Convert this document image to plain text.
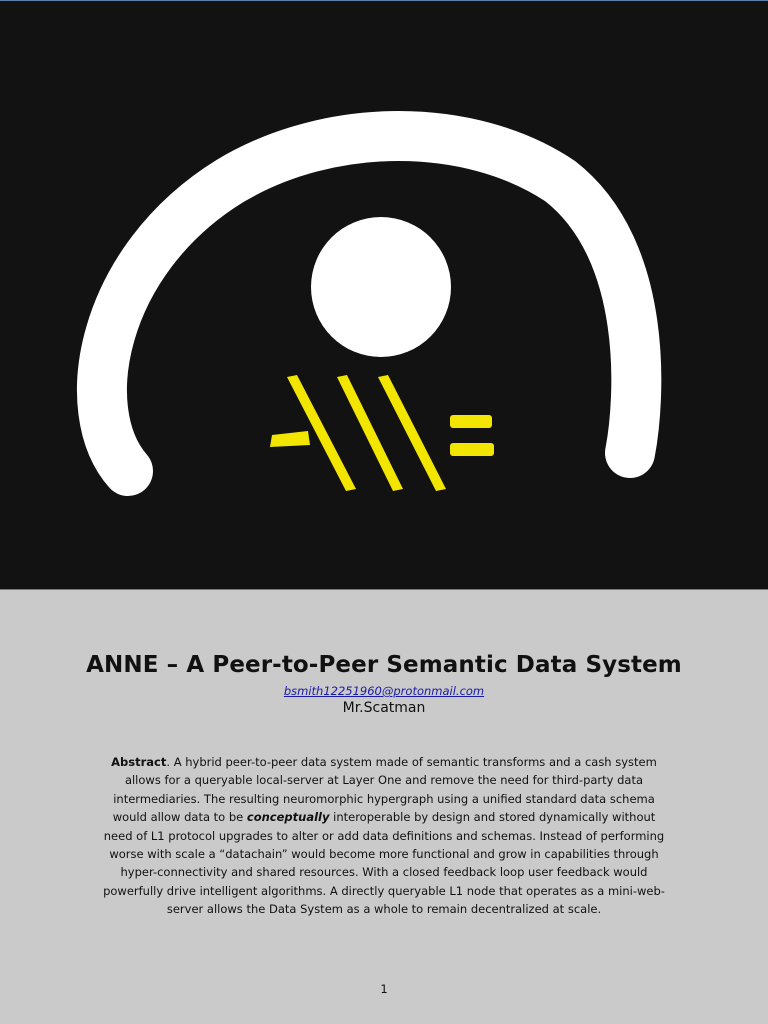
ANNE – A Peer-to-Peer Semantic Data System
bsmith12251960@protonmail.com
Mr.Scatman

Abstract. A hybrid peer-to-peer data system made of semantic transforms and a cash system allows for a queryable local-server at Layer One and remove the need for third-party data intermediaries. The resulting neuromorphic hypergraph using a unified standard data schema would allow data to be conceptually interoperable by design and stored dynamically without need of L1 protocol upgrades to alter or add data definitions and schemas. Instead of performing worse with scale a “datachain” would become more functional and grow in capabilities through hyper-connectivity and shared resources. With a closed feedback loop user feedback would powerfully drive intelligent algorithms. A directly queryable L1 node that operates as a mini-web-server allows the Data System as a whole to remain decentralized at scale.

1
